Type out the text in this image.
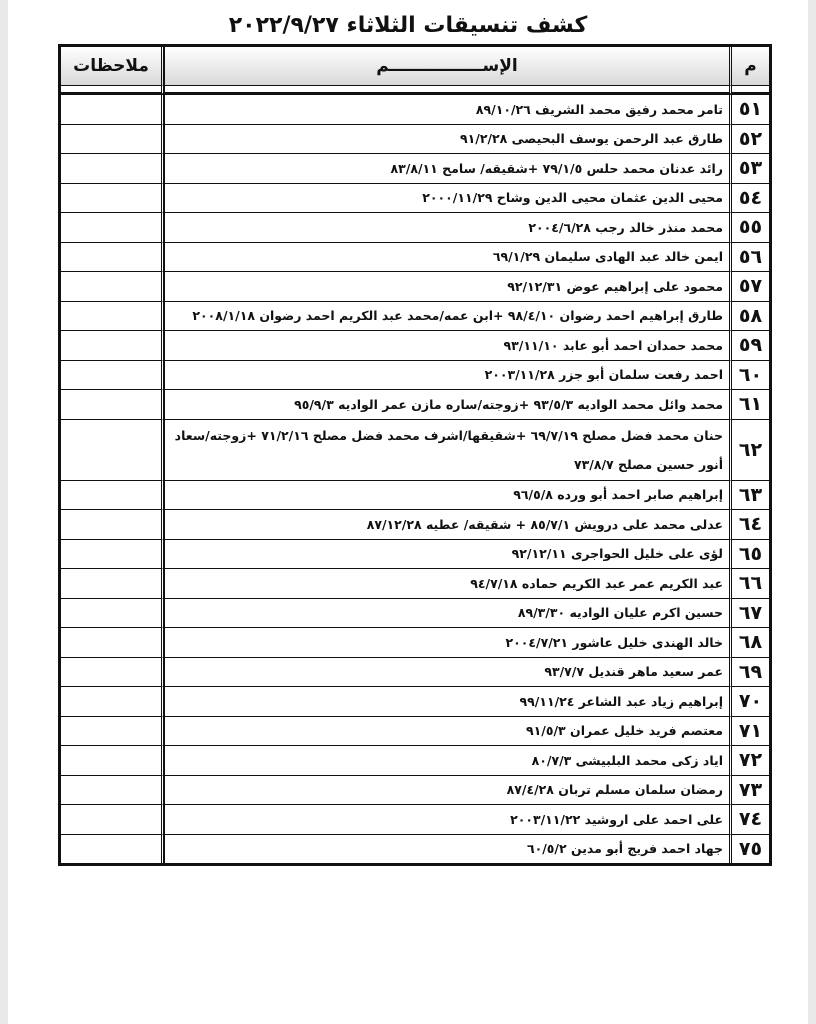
كشف تنسيقات الثلاثاء ٢٠٢٢/٩/٢٧
م	الإســــــــــــــــم	ملاحظات

٥١	تامر محمد رفيق محمد الشريف ٨٩/١٠/٢٦	
٥٢	طارق عبد الرحمن يوسف البحيصى ٩١/٢/٢٨	
٥٣	رائد عدنان محمد حلس ٧٩/١/٥ +شقيقه/ سامح ٨٣/٨/١١	
٥٤	محيى الدين عثمان محيى الدين وشاح ٢٠٠٠/١١/٢٩	
٥٥	محمد منذر خالد رجب ٢٠٠٤/٦/٢٨	
٥٦	ايمن خالد عبد الهادى سليمان ٦٩/١/٢٩	
٥٧	محمود على إبراهيم عوض ٩٢/١٢/٣١	
٥٨	طارق إبراهيم احمد رضوان ٩٨/٤/١٠ +ابن عمه/محمد عبد الكريم احمد رضوان ٢٠٠٨/١/١٨	
٥٩	محمد حمدان احمد أبو عابد ٩٣/١١/١٠	
٦٠	احمد رفعت سلمان أبو جزر ٢٠٠٣/١١/٢٨	
٦١	محمد وائل محمد الواديه ٩٣/٥/٣ +زوجته/ساره مازن عمر الواديه ٩٥/٩/٣	
٦٢	حنان محمد فضل مصلح ٦٩/٧/١٩ +شقيقها/اشرف محمد فضل مصلح ٧١/٢/١٦ +زوجته/سعاد أنور حسين مصلح ٧٣/٨/٧	
٦٣	إبراهيم صابر احمد أبو ورده ٩٦/٥/٨	
٦٤	عدلى محمد على درويش ٨٥/٧/١ + شقيقه/ عطيه ٨٧/١٢/٢٨	
٦٥	لؤى على خليل الحواجرى ٩٢/١٢/١١	
٦٦	عبد الكريم عمر عبد الكريم حماده ٩٤/٧/١٨	
٦٧	حسين اكرم عليان الواديه ٨٩/٣/٣٠	
٦٨	خالد الهندى خليل عاشور ٢٠٠٤/٧/٢١	
٦٩	عمر سعيد ماهر قنديل ٩٣/٧/٧	
٧٠	إبراهيم زياد عبد الشاعر ٩٩/١١/٢٤	
٧١	معتصم فريد خليل عمران ٩١/٥/٣	
٧٢	اياد زكى محمد البلبيشى ٨٠/٧/٣	
٧٣	رمضان سلمان مسلم تربان ٨٧/٤/٢٨	
٧٤	على احمد على اروشيد ٢٠٠٣/١١/٢٢	
٧٥	جهاد احمد فريج أبو مدين ٦٠/٥/٢	
